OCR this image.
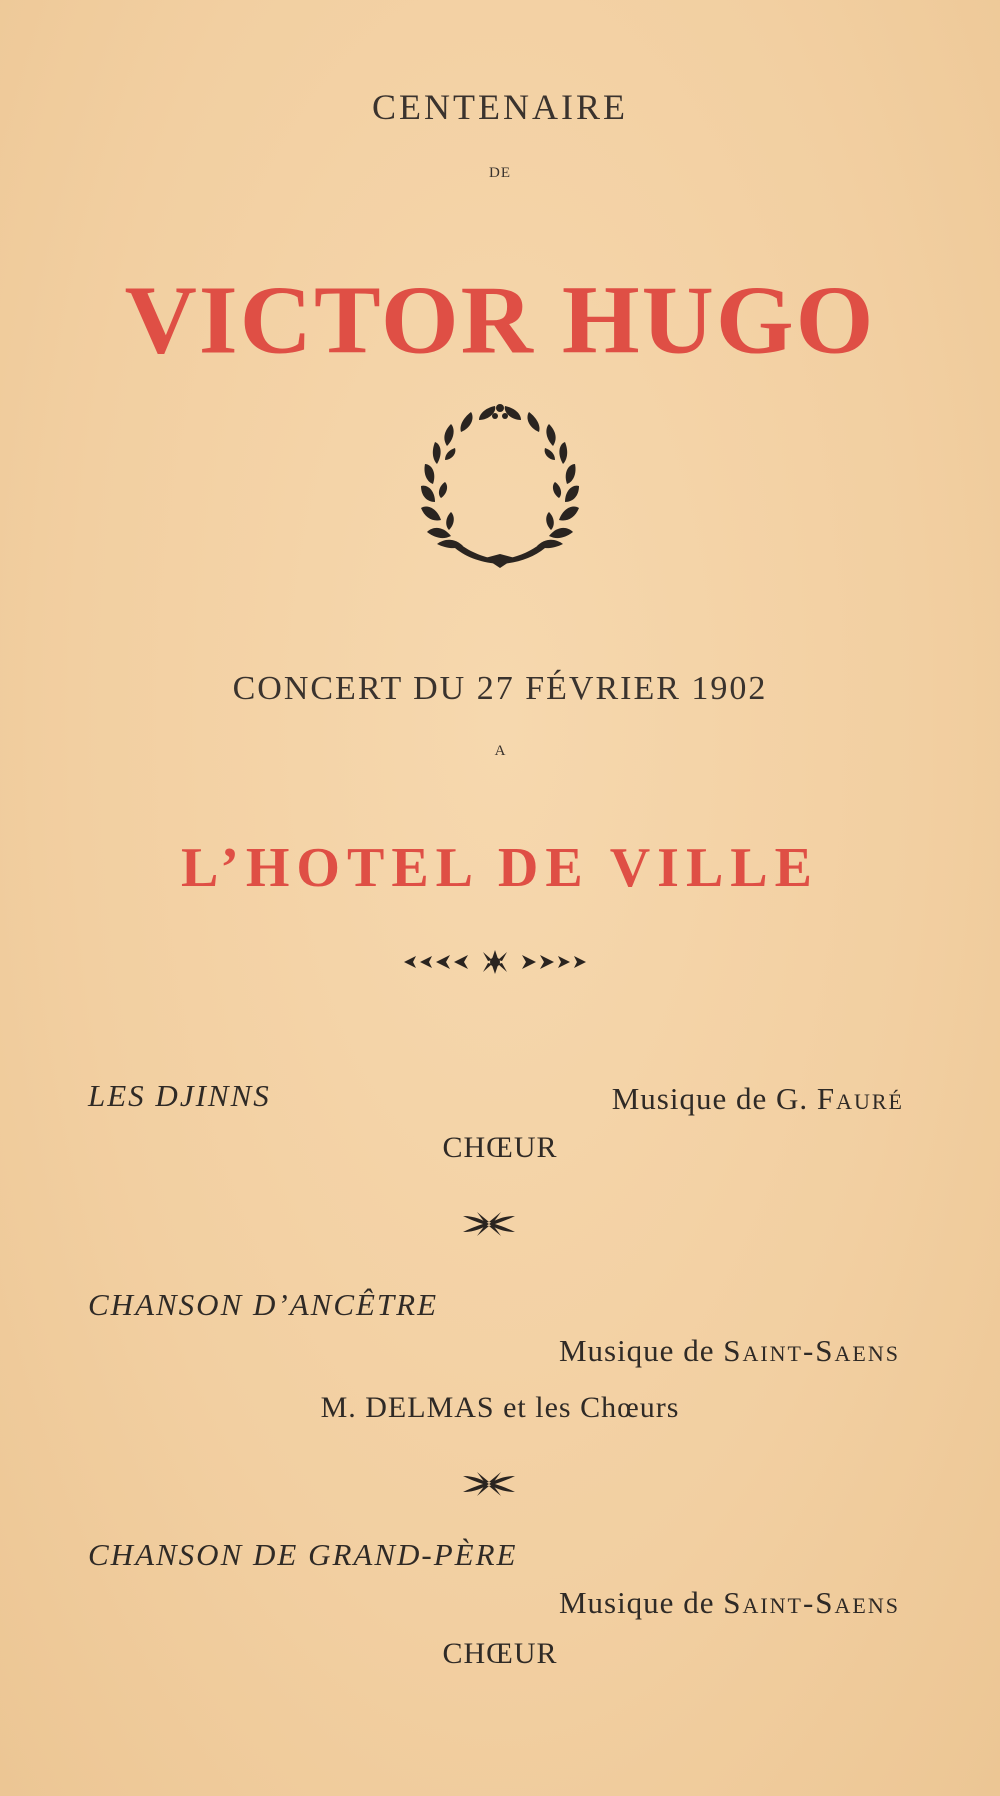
CENTENAIRE
DE
VICTOR HUGO
CONCERT DU 27 FÉVRIER 1902
A
L’HOTEL DE VILLE
LES DJINNS	Musique de G. Fauré
CHŒUR
CHANSON D’ANCÊTRE
Musique de Saint-Saens
M. DELMAS et les Chœurs
CHANSON DE GRAND-PÈRE
Musique de Saint-Saens
CHŒUR
